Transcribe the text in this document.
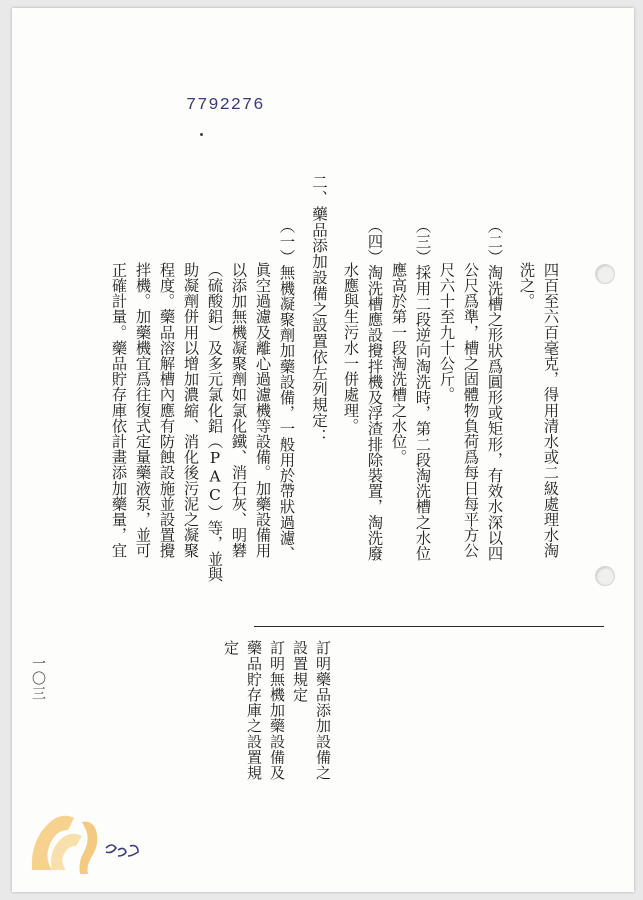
7792276
四百至六百毫克，得用清水或二級處理水淘
洗之。
（二）淘洗槽之形狀爲圓形或矩形，有效水深以四
公尺爲準，槽之固體物負荷爲每日每平方公
尺六十至九十公斤。
（三）採用二段逆向淘洗時，第二段淘洗槽之水位
應高於第一段淘洗槽之水位。
（四）淘洗槽應設攪拌機及浮渣排除裝置，淘洗廢
水應與生污水一併處理。
二、藥品添加設備之設置依左列規定：
（一）無機凝聚劑加藥設備，一般用於帶狀過濾、
眞空過濾及離心過濾機等設備。加藥設備用
以添加無機凝聚劑如氯化鐵、消石灰、明礬
（硫酸鋁）及多元氯化鋁（PAC）等，並與
助凝劑併用以增加濃縮、消化後污泥之凝聚
程度。藥品溶解槽內應有防蝕設施並設置攪
拌機。加藥機宜爲往復式定量藥液泵，並可
正確計量。藥品貯存庫依計畫添加藥量，宜
訂明藥品添加設備之
設置規定
訂明無機加藥設備及
藥品貯存庫之設置規
定
一〇三
